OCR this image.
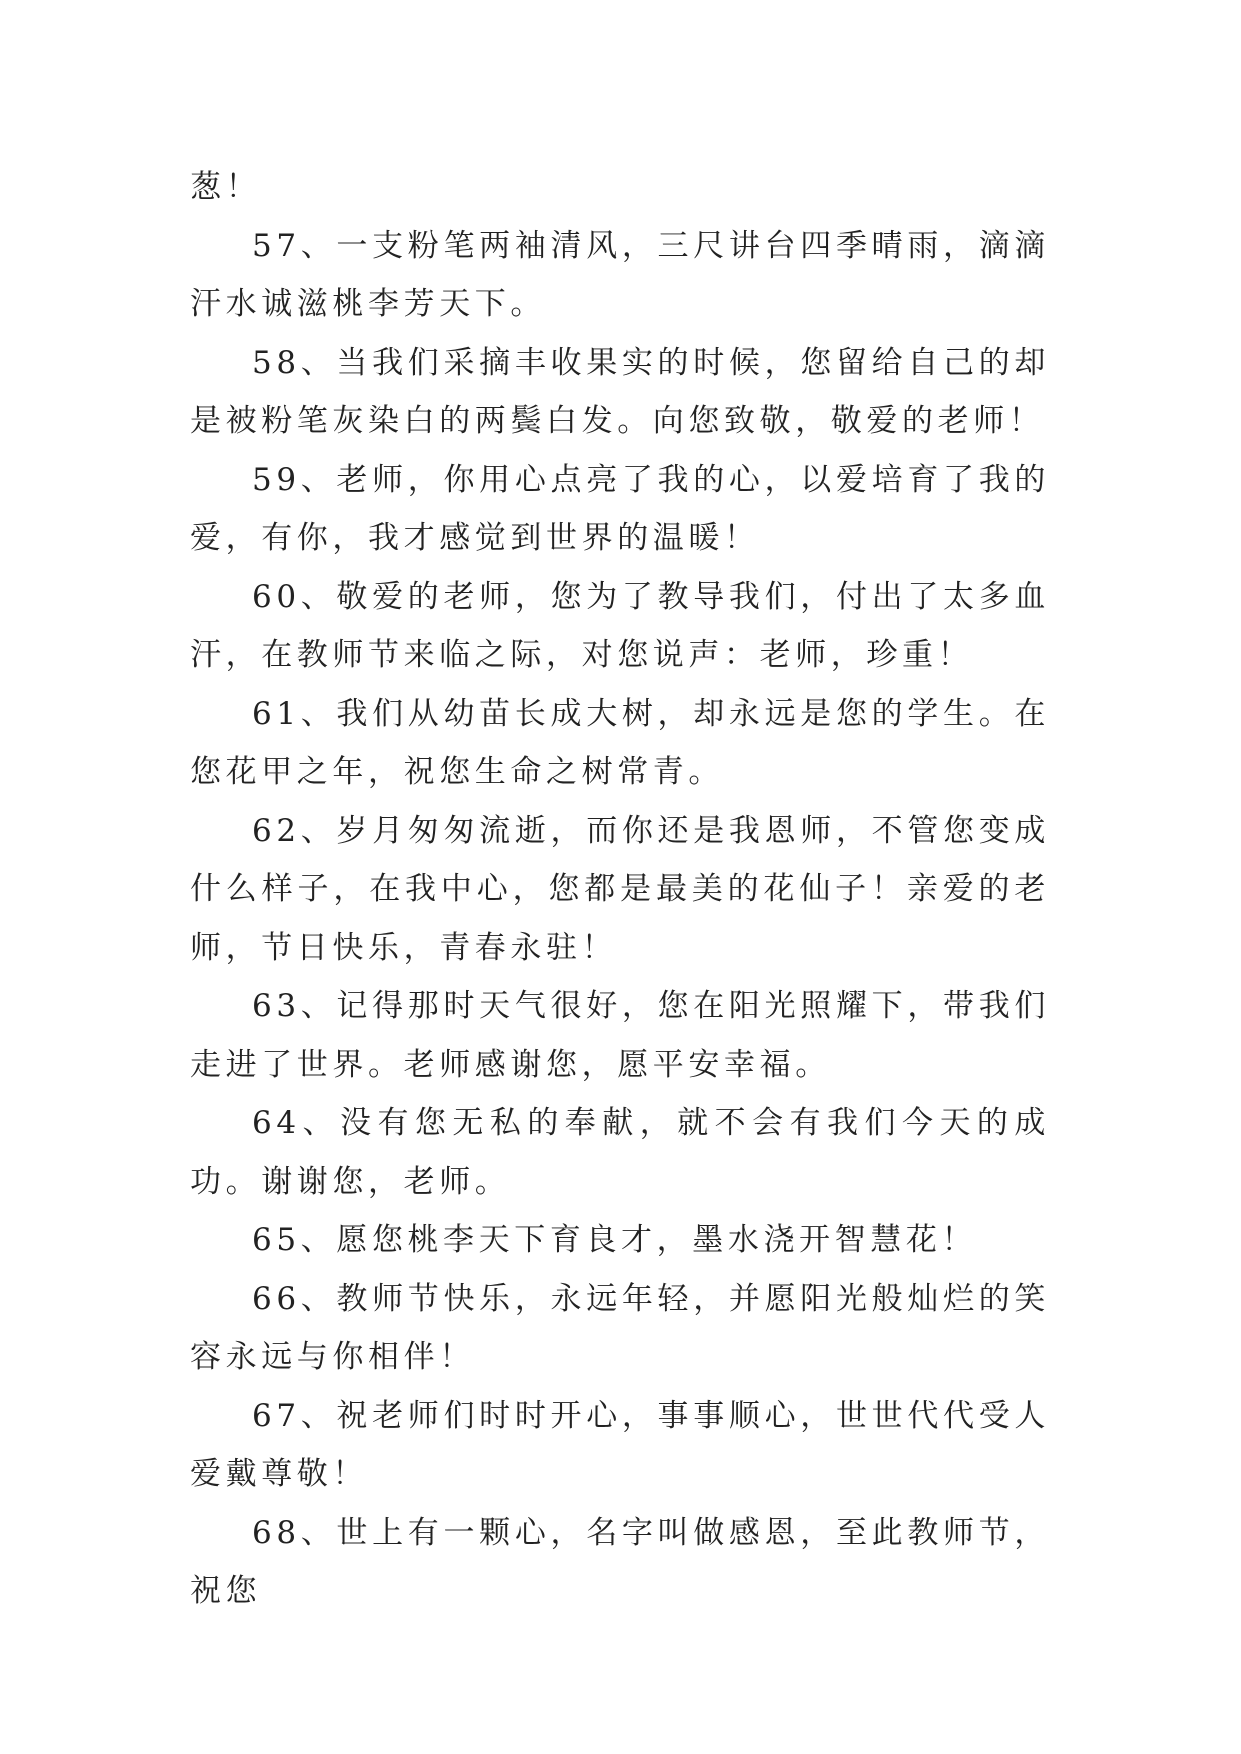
葱！

57、一支粉笔两袖清风，三尺讲台四季晴雨，滴滴汗水诚滋桃李芳天下。

58、当我们采摘丰收果实的时候，您留给自己的却是被粉笔灰染白的两鬓白发。向您致敬，敬爱的老师！

59、老师，你用心点亮了我的心，以爱培育了我的爱，有你，我才感觉到世界的温暖！

60、敬爱的老师，您为了教导我们，付出了太多血汗，在教师节来临之际，对您说声：老师，珍重！

61、我们从幼苗长成大树，却永远是您的学生。在您花甲之年，祝您生命之树常青。

62、岁月匆匆流逝，而你还是我恩师，不管您变成什么样子，在我中心，您都是最美的花仙子！亲爱的老师，节日快乐，青春永驻！

63、记得那时天气很好，您在阳光照耀下，带我们走进了世界。老师感谢您，愿平安幸福。

64、没有您无私的奉献，就不会有我们今天的成功。谢谢您，老师。

65、愿您桃李天下育良才，墨水浇开智慧花！

66、教师节快乐，永远年轻，并愿阳光般灿烂的笑容永远与你相伴！

67、祝老师们时时开心，事事顺心，世世代代受人爱戴尊敬！

68、世上有一颗心，名字叫做感恩，至此教师节，祝您
